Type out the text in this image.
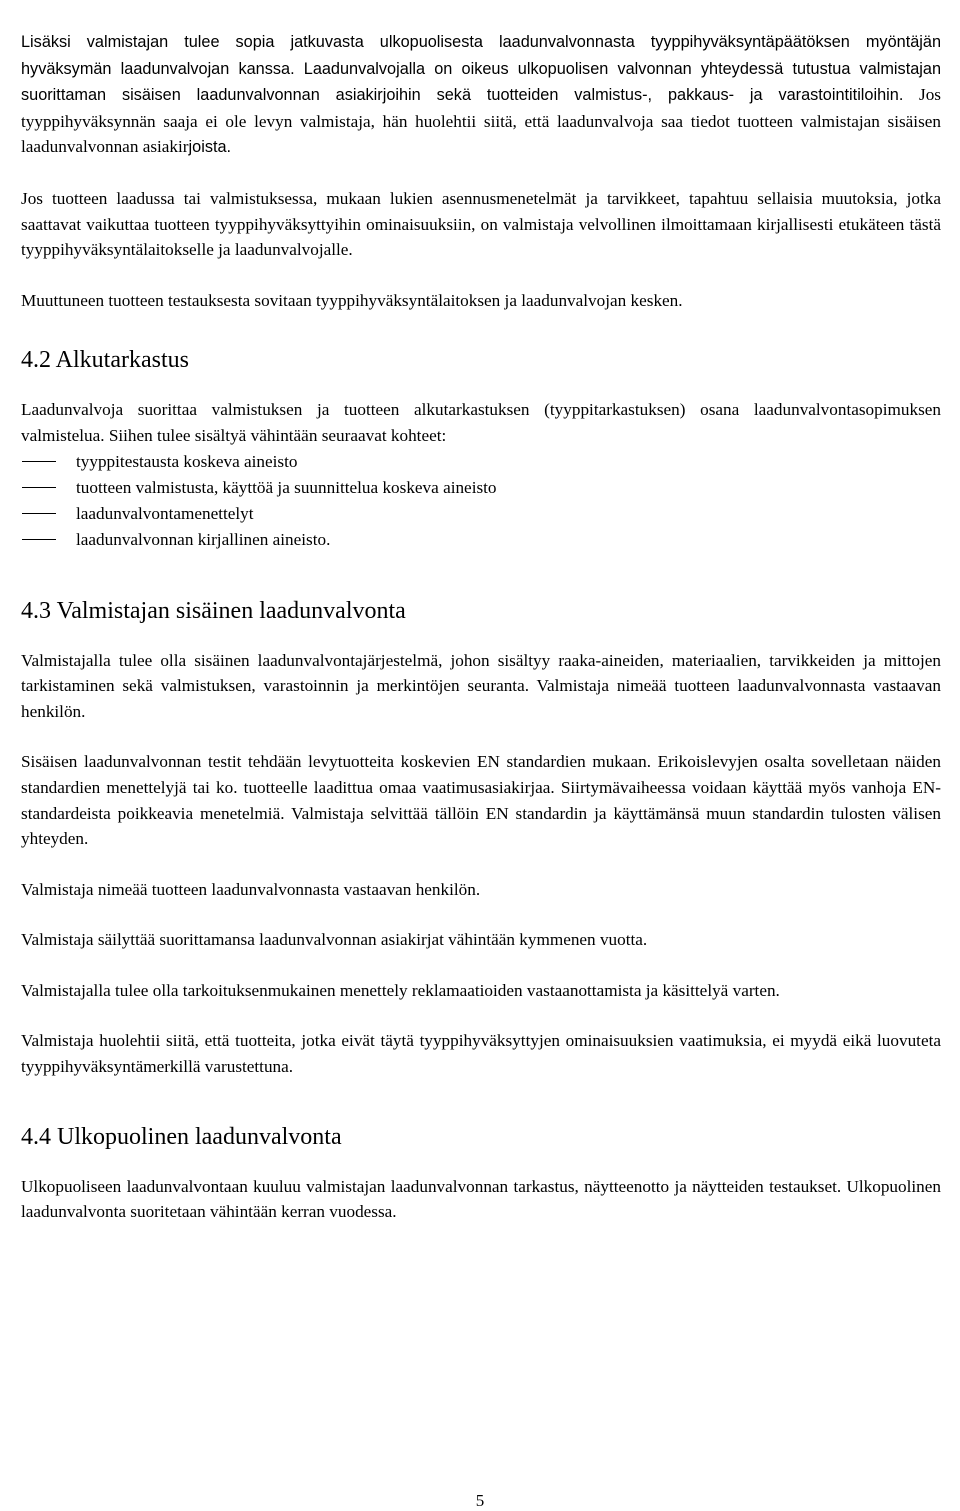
Lisäksi valmistajan tulee sopia jatkuvasta ulkopuolisesta laadunvalvonnasta tyyppihyväksyntäpäätöksen myöntäjän hyväksymän laadunvalvojan kanssa. Laadunvalvojalla on oikeus ulkopuolisen valvonnan yhteydessä tutustua valmistajan suorittaman sisäisen laadunvalvonnan asiakirjoihin sekä tuotteiden valmistus-, pakkaus- ja varastointitiloihin. Jos tyyppihyväksynnän saaja ei ole levyn valmistaja, hän huolehtii siitä, että laadunvalvoja saa tiedot tuotteen valmistajan sisäisen laadunvalvonnan asiakirjoista.

Jos tuotteen laadussa tai valmistuksessa, mukaan lukien asennusmenetelmät ja tarvikkeet, tapahtuu sellaisia muutoksia, jotka saattavat vaikuttaa tuotteen tyyppihyväksyttyihin ominaisuuksiin, on valmistaja velvollinen ilmoittamaan kirjallisesti etukäteen tästä tyyppihyväksyntälaitokselle ja laadunvalvojalle.

Muuttuneen tuotteen testauksesta sovitaan tyyppihyväksyntälaitoksen ja laadunvalvojan kesken.

4.2 Alkutarkastus

Laadunvalvoja suorittaa valmistuksen ja tuotteen alkutarkastuksen (tyyppitarkastuksen) osana laadunvalvontasopimuksen valmistelua. Siihen tulee sisältyä vähintään seuraavat kohteet:

tyyppitestausta koskeva aineisto
tuotteen valmistusta, käyttöä ja suunnittelua koskeva aineisto
laadunvalvontamenettelyt
laadunvalvonnan kirjallinen aineisto.
4.3 Valmistajan sisäinen laadunvalvonta

Valmistajalla tulee olla sisäinen laadunvalvontajärjestelmä, johon sisältyy raaka-aineiden, materiaalien, tarvikkeiden ja mittojen tarkistaminen sekä valmistuksen, varastoinnin ja merkintöjen seuranta. Valmistaja nimeää tuotteen laadunvalvonnasta vastaavan henkilön.

Sisäisen laadunvalvonnan testit tehdään levytuotteita koskevien EN standardien mukaan. Erikoislevyjen osalta sovelletaan näiden standardien menettelyjä tai ko. tuotteelle laadittua omaa vaatimusasiakirjaa. Siirtymävaiheessa voidaan käyttää myös vanhoja EN-standardeista poikkeavia menetelmiä. Valmistaja selvittää tällöin EN standardin ja käyttämänsä muun standardin tulosten välisen yhteyden.

Valmistaja nimeää tuotteen laadunvalvonnasta vastaavan henkilön.

Valmistaja säilyttää suorittamansa laadunvalvonnan asiakirjat vähintään kymmenen vuotta.

Valmistajalla tulee olla tarkoituksenmukainen menettely reklamaatioiden vastaanottamista ja käsittelyä varten.

Valmistaja huolehtii siitä, että tuotteita, jotka eivät täytä tyyppihyväksyttyjen ominaisuuksien vaatimuksia, ei myydä eikä luovuteta tyyppihyväksyntämerkillä varustettuna.

4.4 Ulkopuolinen laadunvalvonta

Ulkopuoliseen laadunvalvontaan kuuluu valmistajan laadunvalvonnan tarkastus, näytteenotto ja näytteiden testaukset. Ulkopuolinen laadunvalvonta suoritetaan vähintään kerran vuodessa.

5
